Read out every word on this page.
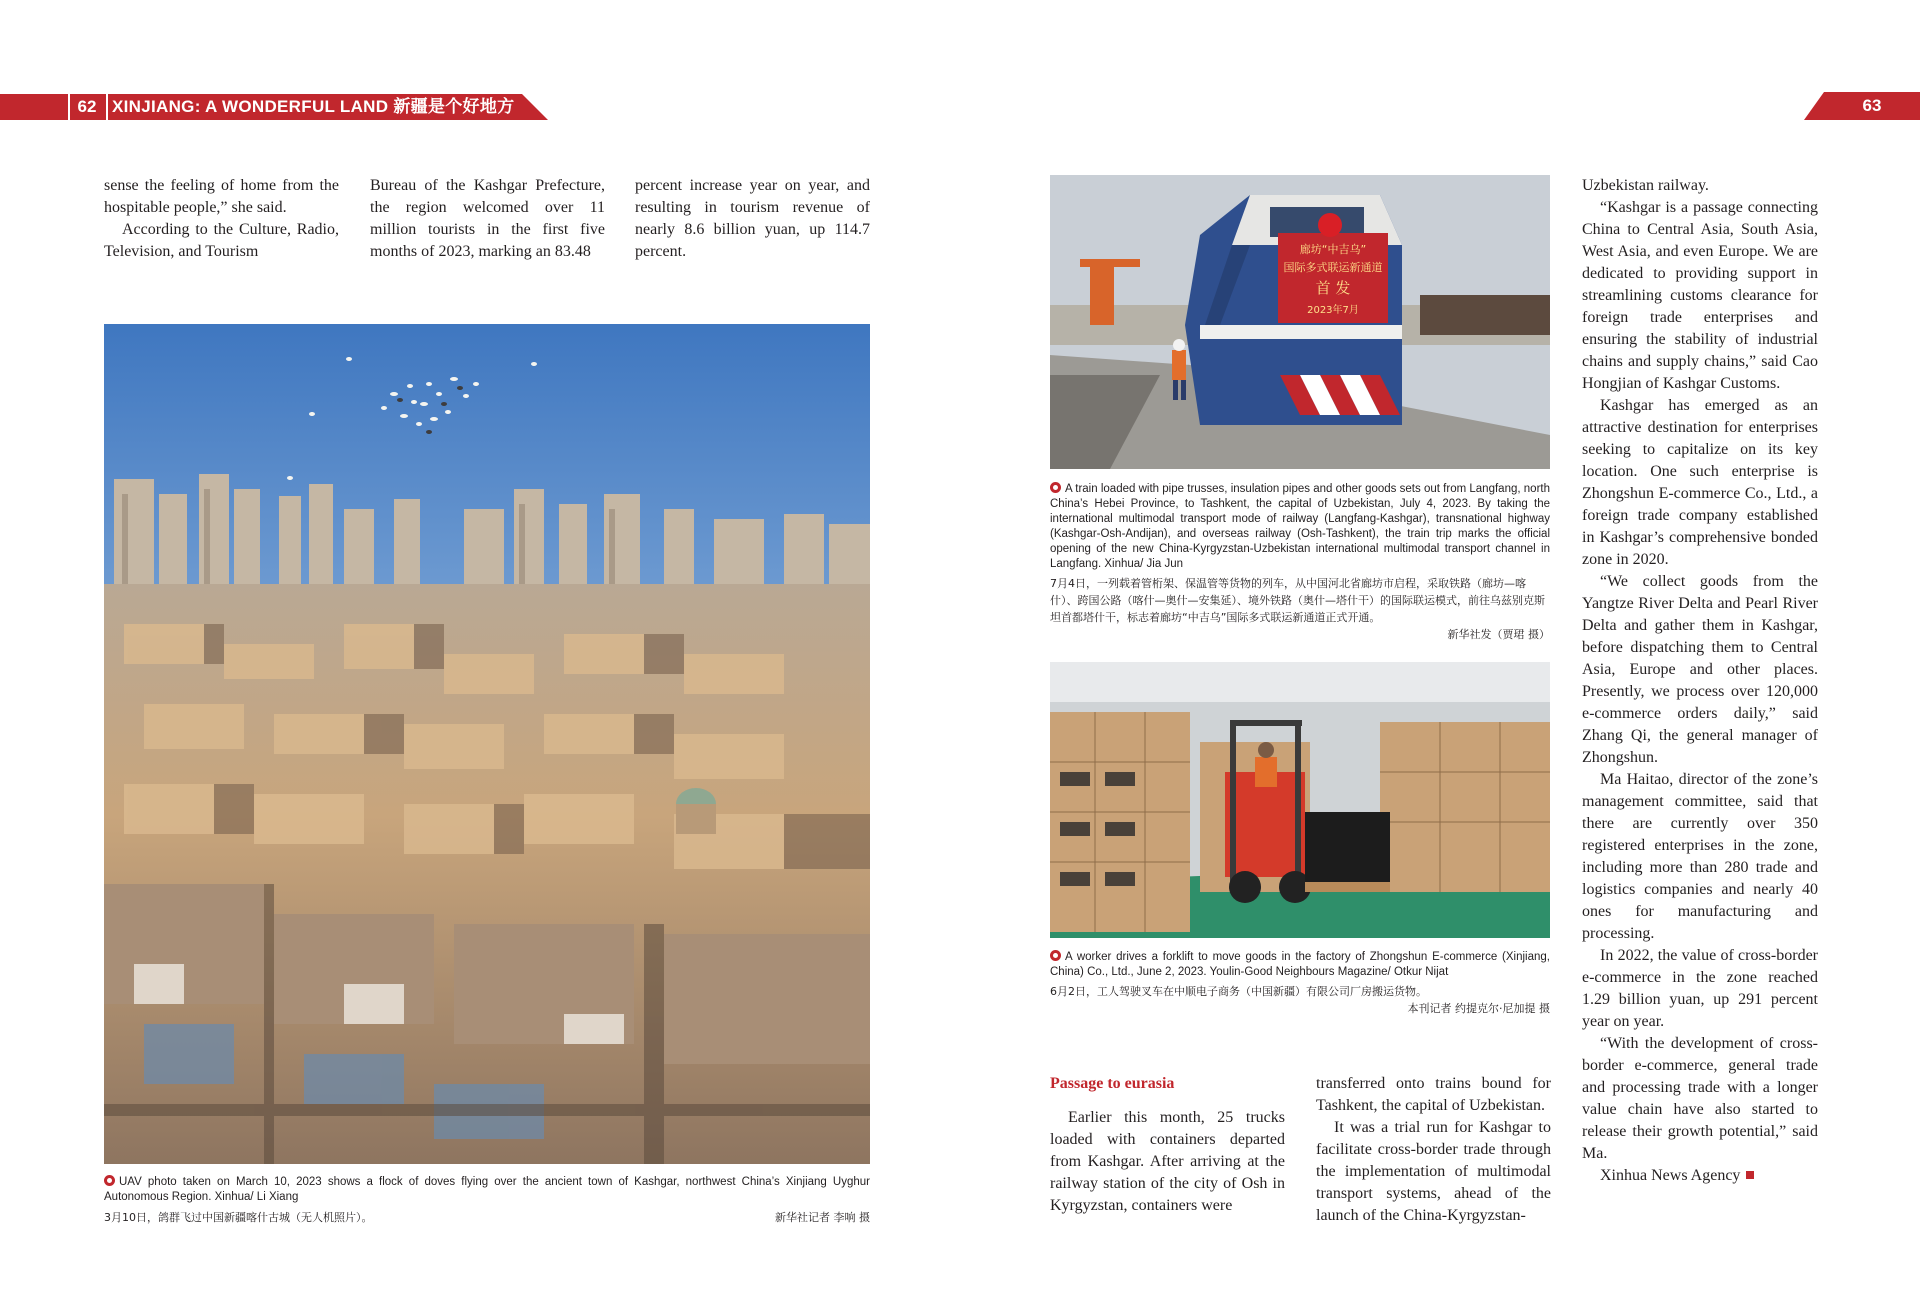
62 XINJIANG: A WONDERFUL LAND 新疆是个好地方	63

sense the feeling of home from the hospitable people,” she said.

According to the Culture, Radio, Television, and Tourism

Bureau of the Kashgar Prefecture, the region welcomed over 11 million tourists in the first five months of 2023, marking an 83.48

percent increase year on year, and resulting in tourism revenue of nearly 8.6 billion yuan, up 114.7 percent.

UAV photo taken on March 10, 2023 shows a flock of doves flying over the ancient town of Kashgar, northwest China’s Xinjiang Uyghur Autonomous Region. Xinhua/ Li Xiang
3月10日，鸽群飞过中国新疆喀什古城（无人机照片）。	新华社记者 李响 摄
廊坊“中吉乌”
国际多式联运新通道
首 发
2023年7月
A train loaded with pipe trusses, insulation pipes and other goods sets out from Langfang, north China’s Hebei Province, to Tashkent, the capital of Uzbekistan, July 4, 2023. By taking the international multimodal transport mode of railway (Langfang-Kashgar), transnational highway (Kashgar-Osh-Andijan), and overseas railway (Osh-Tashkent), the train trip marks the official opening of the new China-Kyrgyzstan-Uzbekistan international multimodal transport channel in Langfang. Xinhua/ Jia Jun
7月4日，一列载着管桁架、保温管等货物的列车，从中国河北省廊坊市启程，采取铁路（廊坊—喀什）、跨国公路（喀什—奥什—安集延）、境外铁路（奥什—塔什干）的国际联运模式，前往乌兹别克斯坦首都塔什干，标志着廊坊“中吉乌”国际多式联运新通道正式开通。
新华社发（贾珺 摄）
A worker drives a forklift to move goods in the factory of Zhongshun E-commerce (Xinjiang, China) Co., Ltd., June 2, 2023. Youlin-Good Neighbours Magazine/ Otkur Nijat
6月2日，工人驾驶叉车在中顺电子商务（中国新疆）有限公司厂房搬运货物。
本刊记者 约提克尔·尼加提 摄
Passage to eurasia

Earlier this month, 25 trucks loaded with containers departed from Kashgar. After arriving at the railway station of the city of Osh in Kyrgyzstan, containers were

transferred onto trains bound for Tashkent, the capital of Uzbekistan.

It was a trial run for Kashgar to facilitate cross-border trade through the implementation of multimodal transport systems, ahead of the launch of the China-Kyrgyzstan-

Uzbekistan railway.

“Kashgar is a passage connecting China to Central Asia, South Asia, West Asia, and even Europe. We are dedicated to providing support in streamlining customs clearance for foreign trade enterprises and ensuring the stability of industrial chains and supply chains,” said Cao Hongjian of Kashgar Customs.

Kashgar has emerged as an attractive destination for enterprises seeking to capitalize on its key location. One such enterprise is Zhongshun E-commerce Co., Ltd., a foreign trade company established in Kashgar’s comprehensive bonded zone in 2020.

“We collect goods from the Yangtze River Delta and Pearl River Delta and gather them in Kashgar, before dispatching them to Central Asia, Europe and other places. Presently, we process over 120,000 e-commerce orders daily,” said Zhang Qi, the general manager of Zhongshun.

Ma Haitao, director of the zone’s management committee, said that there are currently over 350 registered enterprises in the zone, including more than 280 trade and logistics companies and nearly 40 ones for manufacturing and processing.

In 2022, the value of cross-border e-commerce in the zone reached 1.29 billion yuan, up 291 percent year on year.

“With the development of cross-border e-commerce, general trade and processing trade with a longer value chain have also started to release their growth potential,” said Ma.

Xinhua News Agency
